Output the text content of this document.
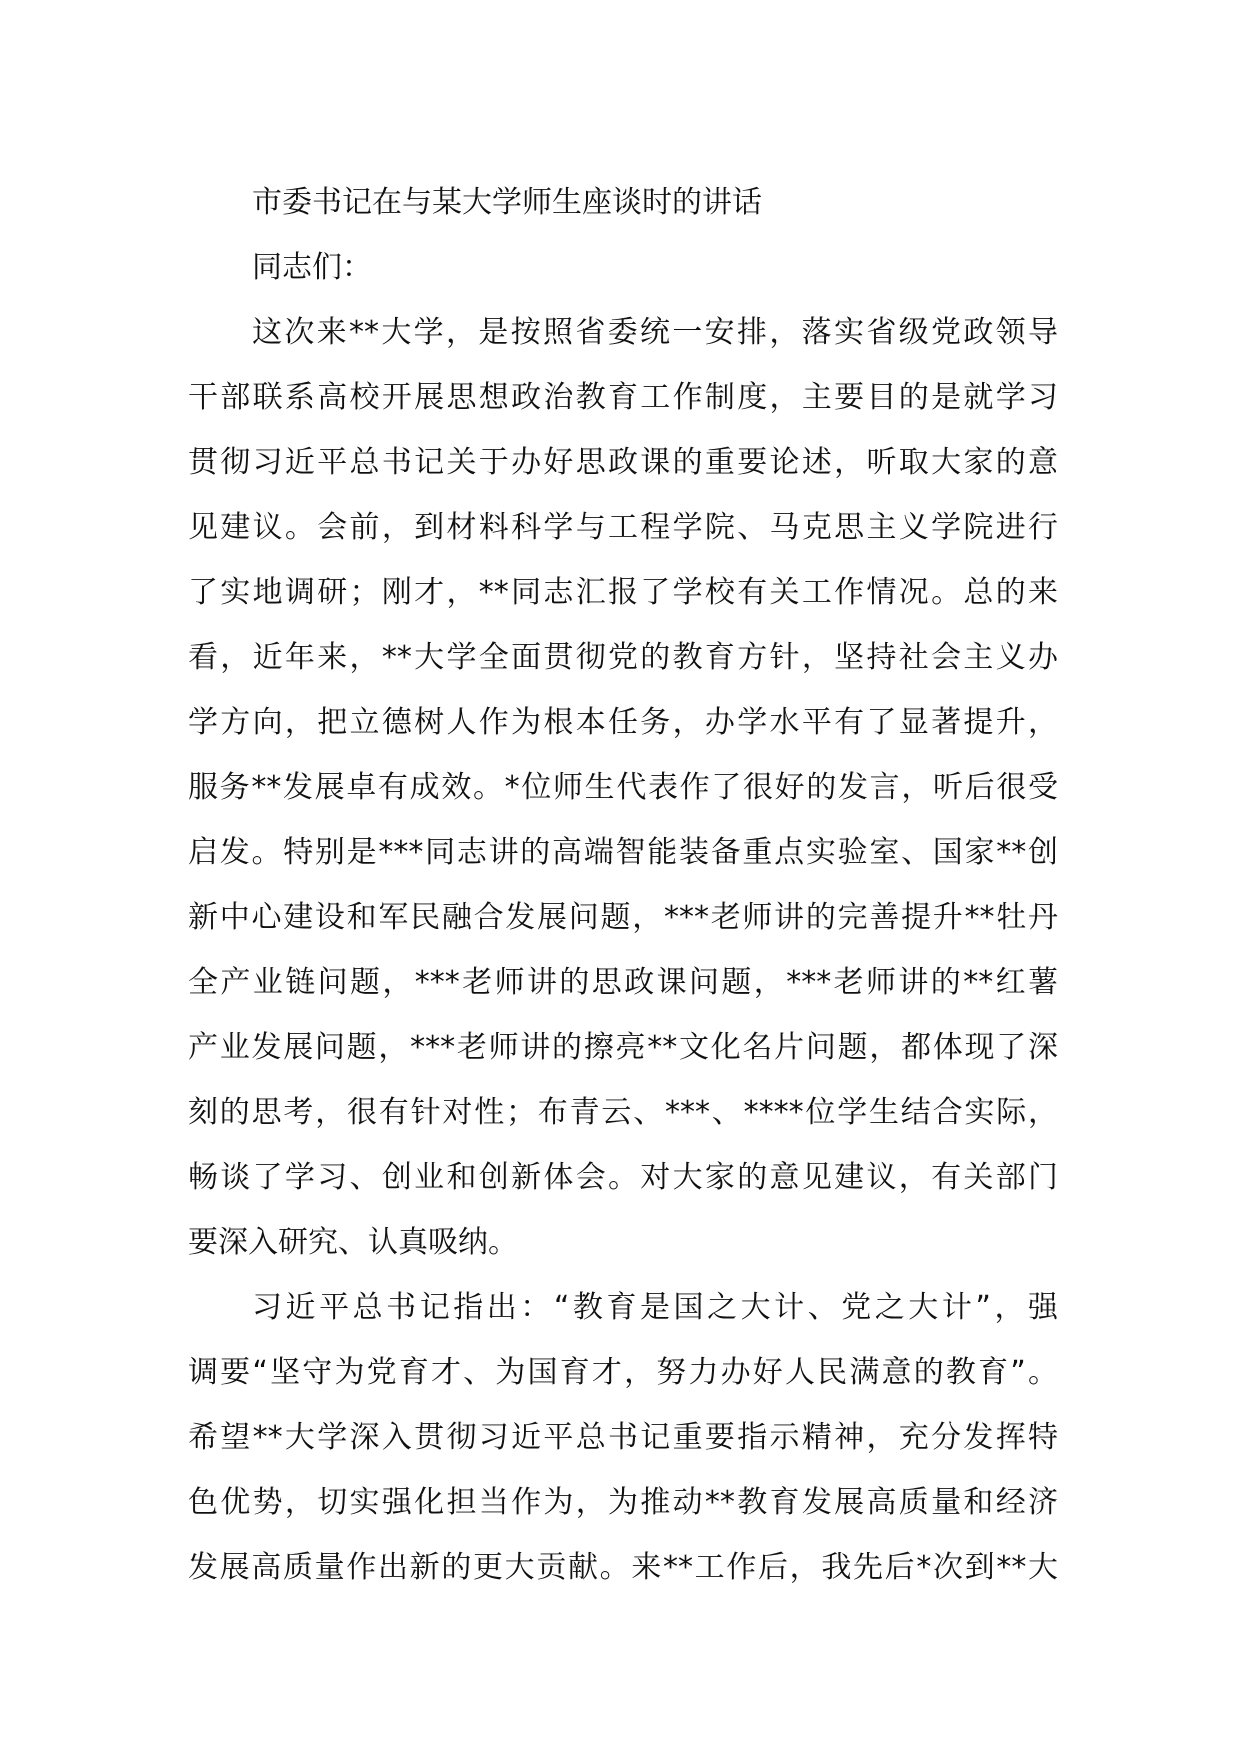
市委书记在与某大学师生座谈时的讲话
同志们：
这次来**大学，是按照省委统一安排，落实省级党政领导
干部联系高校开展思想政治教育工作制度，主要目的是就学习
贯彻习近平总书记关于办好思政课的重要论述，听取大家的意
见建议。会前，到材料科学与工程学院、马克思主义学院进行
了实地调研；刚才，**同志汇报了学校有关工作情况。总的来
看，近年来，**大学全面贯彻党的教育方针，坚持社会主义办
学方向，把立德树人作为根本任务，办学水平有了显著提升，
服务**发展卓有成效。*位师生代表作了很好的发言，听后很受
启发。特别是***同志讲的高端智能装备重点实验室、国家**创
新中心建设和军民融合发展问题，***老师讲的完善提升**牡丹
全产业链问题，***老师讲的思政课问题，***老师讲的**红薯
产业发展问题，***老师讲的擦亮**文化名片问题，都体现了深
刻的思考，很有针对性；布青云、***、****位学生结合实际，
畅谈了学习、创业和创新体会。对大家的意见建议，有关部门
要深入研究、认真吸纳。
习近平总书记指出：“教育是国之大计、党之大计”，强
调要“坚守为党育才、为国育才，努力办好人民满意的教育”。
希望**大学深入贯彻习近平总书记重要指示精神，充分发挥特
色优势，切实强化担当作为，为推动**教育发展高质量和经济
发展高质量作出新的更大贡献。来**工作后，我先后*次到**大
